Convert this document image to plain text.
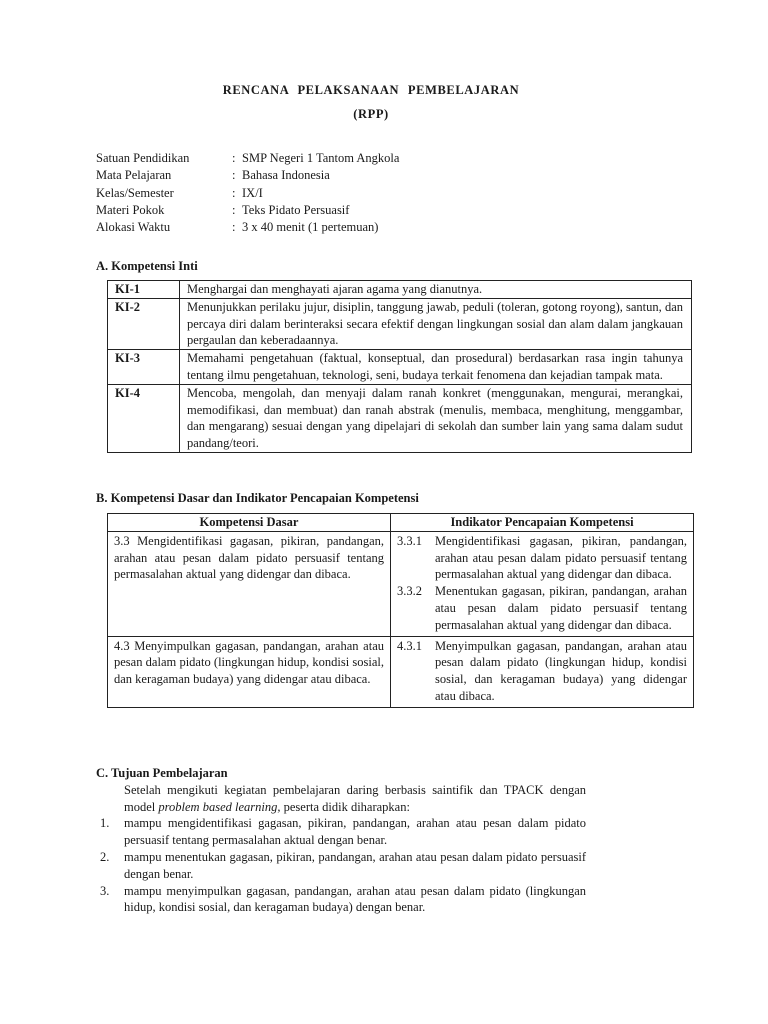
RENCANA PELAKSANAAN PEMBELAJARAN
(RPP)
Satuan Pendidikan	: SMP Negeri 1 Tantom Angkola
Mata Pelajaran	: Bahasa Indonesia
Kelas/Semester	: IX/I
Materi Pokok	: Teks Pidato Persuasif
Alokasi Waktu	: 3 x 40 menit (1 pertemuan)
A. Kompetensi Inti
KI-1	Menghargai dan menghayati ajaran agama yang dianutnya.
KI-2	Menunjukkan perilaku jujur, disiplin, tanggung jawab, peduli (toleran, gotong royong), santun, dan percaya diri dalam berinteraksi secara efektif dengan lingkungan sosial dan alam dalam jangkauan pergaulan dan keberadaannya.
KI-3	Memahami pengetahuan (faktual, konseptual, dan prosedural) berdasarkan rasa ingin tahunya tentang ilmu pengetahuan, teknologi, seni, budaya terkait fenomena dan kejadian tampak mata.
KI-4	Mencoba, mengolah, dan menyaji dalam ranah konkret (menggunakan, mengurai, merangkai, memodifikasi, dan membuat) dan ranah abstrak (menulis, membaca, menghitung, menggambar, dan mengarang) sesuai dengan yang dipelajari di sekolah dan sumber lain yang sama dalam sudut pandang/teori.
B. Kompetensi Dasar dan Indikator Pencapaian Kompetensi
Kompetensi Dasar	Indikator Pencapaian Kompetensi
3.3 Mengidentifikasi gagasan, pikiran, pandangan, arahan atau pesan dalam pidato persuasif tentang permasalahan aktual yang didengar dan dibaca.	3.3.1 Mengidentifikasi gagasan, pikiran, pandangan, arahan atau pesan dalam pidato persuasif tentang permasalahan aktual yang didengar dan dibaca.
3.3.2 Menentukan gagasan, pikiran, pandangan, arahan atau pesan dalam pidato persuasif tentang permasalahan aktual yang didengar dan dibaca.

4.3 Menyimpulkan gagasan, pandangan, arahan atau pesan dalam pidato (lingkungan hidup, kondisi sosial, dan keragaman budaya) yang didengar atau dibaca.	4.3.1 Menyimpulkan gagasan, pandangan, arahan atau pesan dalam pidato (lingkungan hidup, kondisi sosial, dan keragaman budaya) yang didengar atau dibaca.
C. Tujuan Pembelajaran
Setelah mengikuti kegiatan pembelajaran daring berbasis saintifik dan TPACK dengan model problem based learning, peserta didik diharapkan:
1.	mampu mengidentifikasi gagasan, pikiran, pandangan, arahan atau pesan dalam pidato persuasif tentang permasalahan aktual dengan benar.
2.	mampu menentukan gagasan, pikiran, pandangan, arahan atau pesan dalam pidato persuasif dengan benar.
3.	mampu menyimpulkan gagasan, pandangan, arahan atau pesan dalam pidato (lingkungan hidup, kondisi sosial, dan keragaman budaya) dengan benar.
